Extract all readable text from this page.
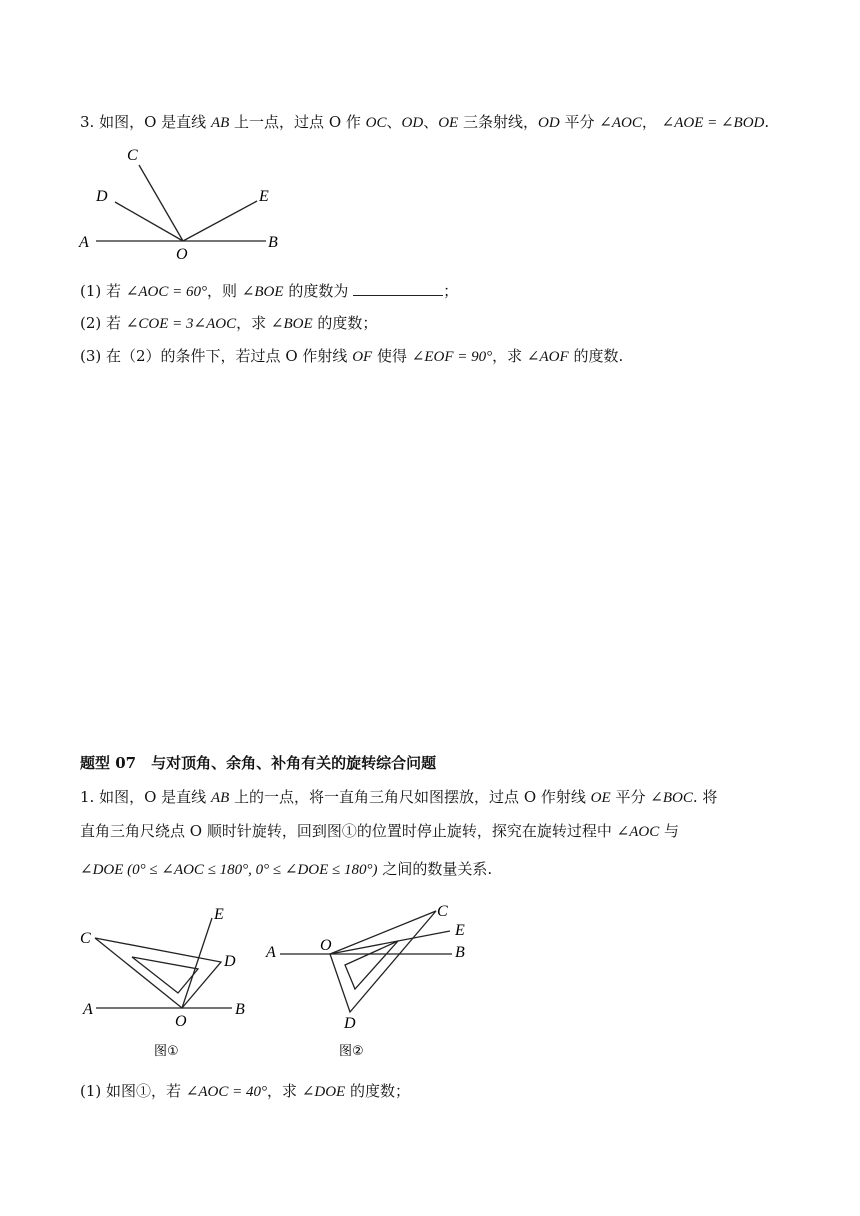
3. 如图，O 是直线 AB 上一点，过点 O 作 OC、OD、OE 三条射线，OD 平分 ∠AOC， ∠AOE = ∠BOD.
C
D	E
A	B
O
(1) 若 ∠AOC = 60°，则 ∠BOE 的度数为	；
(2) 若 ∠COE = 3∠AOC，求 ∠BOE 的度数；
(3) 在（2）的条件下，若过点 O 作射线 OF 使得 ∠EOF = 90°，求 ∠AOF 的度数.
题型 07　与对顶角、余角、补角有关的旋转综合问题
1. 如图，O 是直线 AB 上的一点，将一直角三角尺如图摆放，过点 O 作射线 OE 平分 ∠BOC. 将
直角三角尺绕点 O 顺时针旋转，回到图①的位置时停止旋转，探究在旋转过程中 ∠AOC 与
∠DOE (0° ≤ ∠AOC ≤ 180°, 0° ≤ ∠DOE ≤ 180°) 之间的数量关系.
C
E
D
A
O
B
图①
C
E
A	O	B
D
图②
(1) 如图①，若 ∠AOC = 40°，求 ∠DOE 的度数；
